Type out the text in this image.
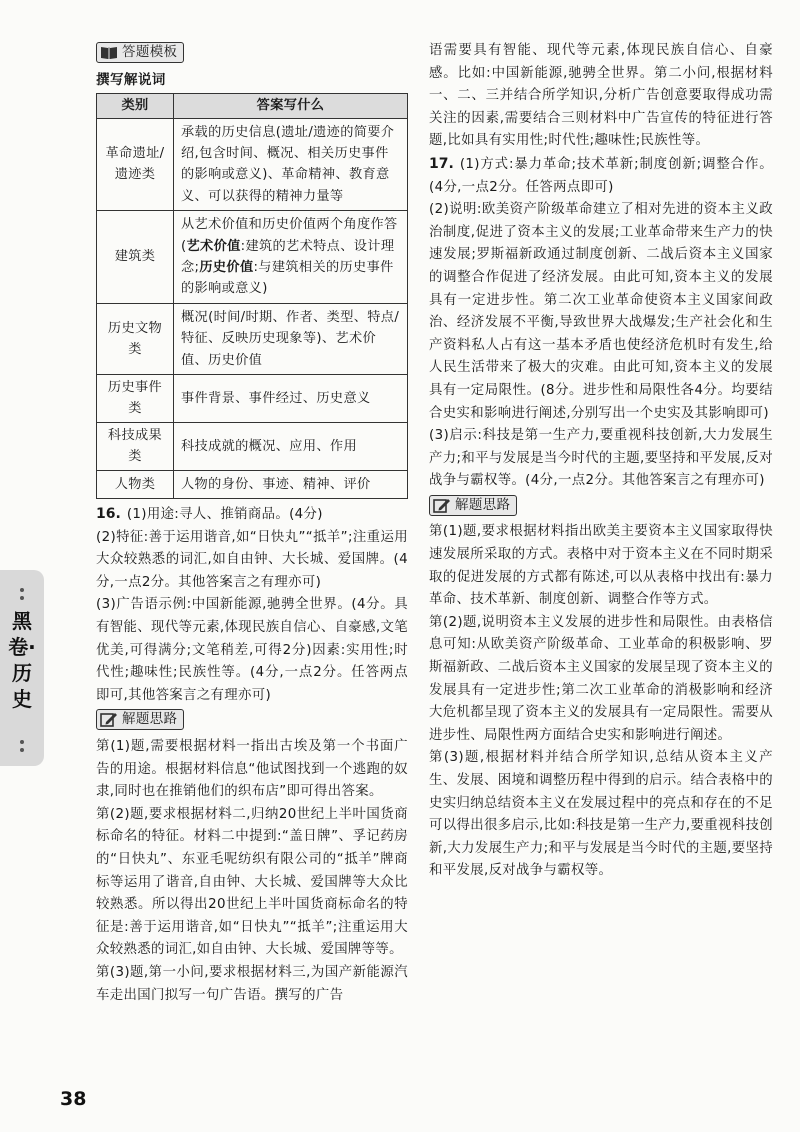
答题模板
撰写解说词
类别	答案写什么
革命遗址/遗迹类	承载的历史信息(遗址/遗迹的简要介绍,包含时间、概况、相关历史事件的影响或意义)、革命精神、教育意义、可以获得的精神力量等
建筑类	从艺术价值和历史价值两个角度作答(艺术价值:建筑的艺术特点、设计理念;历史价值:与建筑相关的历史事件的影响或意义)
历史文物类	概况(时间/时期、作者、类型、特点/特征、反映历史现象等)、艺术价值、历史价值
历史事件类	事件背景、事件经过、历史意义
科技成果类	科技成就的概况、应用、作用
人物类	人物的身份、事迹、精神、评价
16. (1)用途:寻人、推销商品。(4分)
(2)特征:善于运用谐音,如“日快丸”“抵羊”;注重运用大众较熟悉的词汇,如自由钟、大长城、爱国牌。(4分,一点2分。其他答案言之有理亦可)
(3)广告语示例:中国新能源,驰骋全世界。(4分。具有智能、现代等元素,体现民族自信心、自豪感,文笔优美,可得满分;文笔稍差,可得2分)因素:实用性;时代性;趣味性;民族性等。(4分,一点2分。任答两点即可,其他答案言之有理亦可)
解题思路
第(1)题,需要根据材料一指出古埃及第一个书面广告的用途。根据材料信息“他试图找到一个逃跑的奴隶,同时也在推销他们的织布店”即可得出答案。
第(2)题,要求根据材料二,归纳20世纪上半叶国货商标命名的特征。材料二中提到:“盖日牌”、孚记药房的“日快丸”、东亚毛呢纺织有限公司的“抵羊”牌商标等运用了谐音,自由钟、大长城、爱国牌等大众比较熟悉。所以得出20世纪上半叶国货商标命名的特征是:善于运用谐音,如“日快丸”“抵羊”;注重运用大众较熟悉的词汇,如自由钟、大长城、爱国牌等等。
第(3)题,第一小问,要求根据材料三,为国产新能源汽车走出国门拟写一句广告语。撰写的广告
语需要具有智能、现代等元素,体现民族自信心、自豪感。比如:中国新能源,驰骋全世界。第二小问,根据材料一、二、三并结合所学知识,分析广告创意要取得成功需关注的因素,需要结合三则材料中广告宣传的特征进行答题,比如具有实用性;时代性;趣味性;民族性等。
17. (1)方式:暴力革命;技术革新;制度创新;调整合作。(4分,一点2分。任答两点即可)
(2)说明:欧美资产阶级革命建立了相对先进的资本主义政治制度,促进了资本主义的发展;工业革命带来生产力的快速发展;罗斯福新政通过制度创新、二战后资本主义国家的调整合作促进了经济发展。由此可知,资本主义的发展具有一定进步性。第二次工业革命使资本主义国家间政治、经济发展不平衡,导致世界大战爆发;生产社会化和生产资料私人占有这一基本矛盾也使经济危机时有发生,给人民生活带来了极大的灾难。由此可知,资本主义的发展具有一定局限性。(8分。进步性和局限性各4分。均要结合史实和影响进行阐述,分别写出一个史实及其影响即可)
(3)启示:科技是第一生产力,要重视科技创新,大力发展生产力;和平与发展是当今时代的主题,要坚持和平发展,反对战争与霸权等。(4分,一点2分。其他答案言之有理亦可)
解题思路
第(1)题,要求根据材料指出欧美主要资本主义国家取得快速发展所采取的方式。表格中对于资本主义在不同时期采取的促进发展的方式都有陈述,可以从表格中找出有:暴力革命、技术革新、制度创新、调整合作等方式。
第(2)题,说明资本主义发展的进步性和局限性。由表格信息可知:从欧美资产阶级革命、工业革命的积极影响、罗斯福新政、二战后资本主义国家的发展呈现了资本主义的发展具有一定进步性;第二次工业革命的消极影响和经济大危机都呈现了资本主义的发展具有一定局限性。需要从进步性、局限性两方面结合史实和影响进行阐述。
第(3)题,根据材料并结合所学知识,总结从资本主义产生、发展、困境和调整历程中得到的启示。结合表格中的史实归纳总结资本主义在发展过程中的亮点和存在的不足可以得出很多启示,比如:科技是第一生产力,要重视科技创新,大力发展生产力;和平与发展是当今时代的主题,要坚持和平发展,反对战争与霸权等。
黑卷·历史
38
